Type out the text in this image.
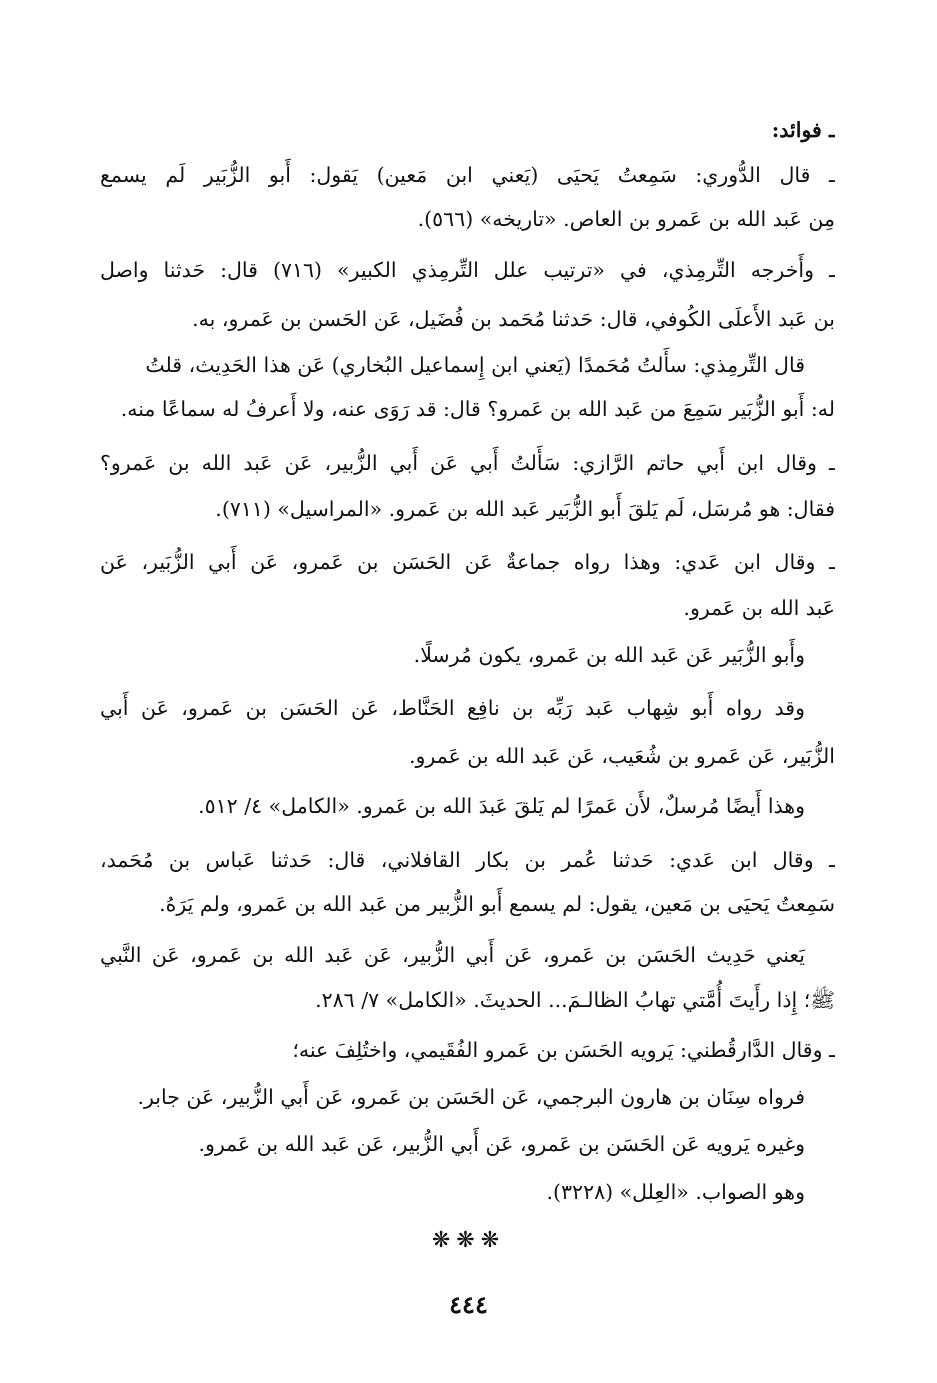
ـ فوائد:
ـ قال الدُّوري: سَمِعتُ يَحيَى (يَعني ابن مَعين) يَقول: أَبو الزُّبَير لَم يسمع
مِن عَبد الله بن عَمرو بن العاص. «تاريخه» (٥٦٦).
ـ وأَخرجه التِّرمِذي، في «ترتيب علل التِّرمِذي الكبير» (٧١٦) قال: حَدثنا واصل
بن عَبد الأَعلَى الكُوفي، قال: حَدثنا مُحَمد بن فُضَيل، عَن الحَسن بن عَمرو، به.
قال التِّرمِذي: سأَلتُ مُحَمدًا (يَعني ابن إِسماعيل البُخاري) عَن هذا الحَدِيث، قلتُ
له: أَبو الزُّبَير سَمِعَ من عَبد الله بن عَمرو؟ قال: قد رَوَى عنه، ولا أَعرفُ له سماعًا منه.
ـ وقال ابن أَبي حاتم الرَّازي: سَأَلتُ أَبي عَن أَبي الزُّبير، عَن عَبد الله بن عَمرو؟
فقال: هو مُرسَل، لَم يَلقَ أَبو الزُّبَير عَبد الله بن عَمرو. «المراسيل» (٧١١).
ـ وقال ابن عَدي: وهذا رواه جماعةٌ عَن الحَسَن بن عَمرو، عَن أَبي الزُّبَير، عَن
عَبد الله بن عَمرو.
وأَبو الزُّبَير عَن عَبد الله بن عَمرو، يكون مُرسلًا.
وقد رواه أَبو شِهاب عَبد رَبِّه بن نافِع الحَنَّاط، عَن الحَسَن بن عَمرو، عَن أَبي
الزُّبَير، عَن عَمرو بن شُعَيب، عَن عَبد الله بن عَمرو.
وهذا أَيضًا مُرسلٌ، لأَن عَمرًا لم يَلقَ عَبدَ الله بن عَمرو. «الكامل» ٤/ ٥١٢.
ـ وقال ابن عَدي: حَدثنا عُمر بن بكار القافلاني، قال: حَدثنا عَباس بن مُحَمد،
سَمِعتُ يَحيَى بن مَعين، يقول: لم يسمع أَبو الزُّبير من عَبد الله بن عَمرو، ولم يَرَهُ.
يَعني حَدِيث الحَسَن بن عَمرو، عَن أَبي الزُّبير، عَن عَبد الله بن عَمرو، عَن النَّبي
ﷺ؛ إِذا رأَيتَ أُمَّتي تهابُ الظالـمَ... الحديثَ. «الكامل» ٧/ ٢٨٦.
ـ وقال الدَّارقُطني: يَرويه الحَسَن بن عَمرو الفُقَيمي، واختُلِفَ عنه؛
فرواه سِنَان بن هارون البرجمي، عَن الحَسَن بن عَمرو، عَن أَبي الزُّبير، عَن جابر.
وغيره يَرويه عَن الحَسَن بن عَمرو، عَن أَبي الزُّبير، عَن عَبد الله بن عَمرو.
وهو الصواب. «العِلل» (٣٢٢٨).
❋❋❋
٤٤٤
